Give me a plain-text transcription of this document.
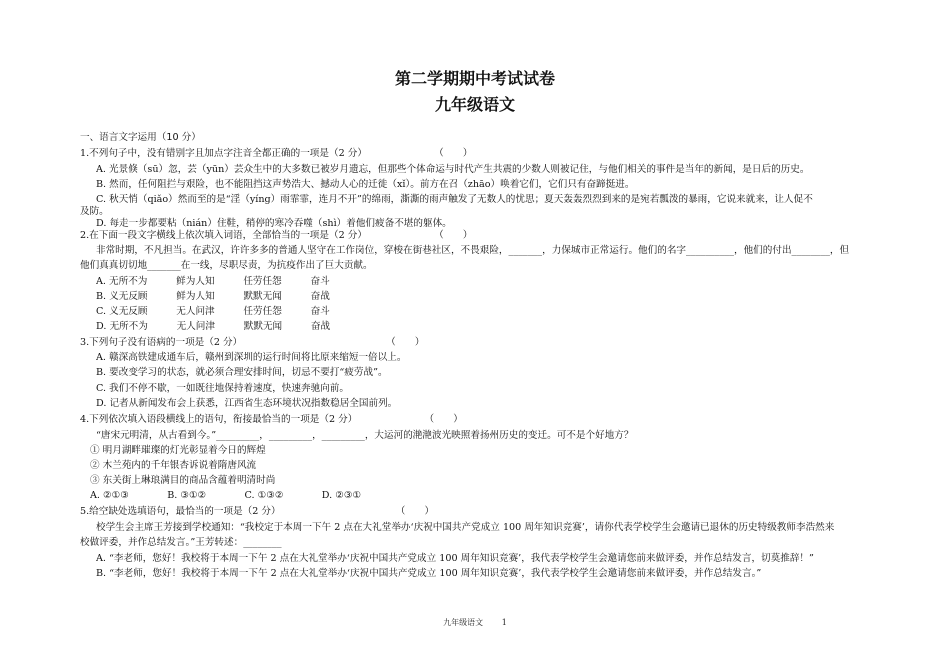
第二学期期中考试试卷
九年级语文
一、语言文字运用（10 分）
1.不列句子中，没有错别字且加点字注音全都正确的一项是（2 分）　　　　　　　　（　　）
A. 光景倏（sū）忽，芸（yūn）芸众生中的大多数已被岁月遗忘，但那些个体命运与时代产生共震的少数人则被记住，与他们相关的事件是当年的新闻，是日后的历史。
B. 然而，任何阻拦与艰险，也不能阻挡这声势浩大、撼动人心的迁徙（xǐ）。前方在召（zhāo）唤着它们，它们只有奋蹄挺进。
C. 秋天悄（qiǎo）然而至的是“淫（yíng）雨霏霏，连月不开”的绵雨，澌澌的雨声触发了无数人的忧思；夏天轰轰烈烈到来的是宛若瓢泼的暴雨，它说来就来，让人促不
及防。
D. 每走一步都要粘（nián）住鞋，稍停的寒冷吞噬（shì）着他们疲备不堪的躯体。
2.在下面一段文字横线上依次填入词语，全部恰当的一项是（2 分）　　　　　　　　（　　）
非常时期，不凡担当。在武汉，许许多多的普通人坚守在工作岗位，穿梭在街巷社区，不畏艰险，_______，力保城市正常运行。他们的名字__________，他们的付出________，但
他们真真切切地_______在一线，尽职尽责，为抗疫作出了巨大贡献。
A. 无所不为　　　鲜为人知　　　任劳任怨　　　奋斗
B. 义无反顾　　　鲜为人知　　　默默无闻　　　奋战
C. 义无反顾　　　无人问津　　　任劳任怨　　　奋斗
D. 无所不为　　　无人问津　　　默默无闻　　　奋战
3.下列句子没有语病的一项是（2 分）　　　　　　　　　　　　　　　　（　　）
A. 赣深高铁建成通车后，赣州到深圳的运行时间将比原来缩短一倍以上。
B. 要改变学习的状态，就必须合理安排时间，切忌不要打“疲劳战”。
C. 我们不停不歇，一如既往地保持着速度，快速奔驰向前。
D. 记者从新闻发布会上获悉，江西省生态环境状况指数稳居全国前列。
4.下列依次填入语段横线上的语句，衔接最恰当的一项是（2 分）　　　　　　　　（　　）
“唐宋元明清，从古看到今。”_________，_________，_________，大运河的滟滟波光映照着扬州历史的变迁。可不是个好地方？
① 明月湖畔璀璨的灯光彰显着今日的辉煌
② 木兰苑内的千年银杏诉说着隋唐风流
③ 东关街上琳琅满目的商品含蕴着明清时尚
A. ②①③　　　　B. ③①②　　　　C. ①③②　　　　D. ②③①
5.给空缺处选填语句，最恰当的一项是（2 分）　　　　　　　　　　　　　（　　）
校学生会主席王芳接到学校通知：“我校定于本周一下午 2 点在大礼堂举办‘庆祝中国共产党成立 100 周年知识竞赛’，请你代表学校学生会邀请已退休的历史特级教师李浩然来
校做评委，并作总结发言。”王芳转述：________
A. “李老师，您好！我校将于本周一下午 2 点在大礼堂举办‘庆祝中国共产党成立 100 周年知识竞赛’，我代表学校学生会邀请您前来做评委，并作总结发言，切莫推辞！”
B. “李老师，您好！我校将于本周一下午 2 点在大礼堂举办‘庆祝中国共产党成立 100 周年知识竞赛’，我代表学校学生会邀请您前来做评委，并作总结发言。”
九年级语文 1
